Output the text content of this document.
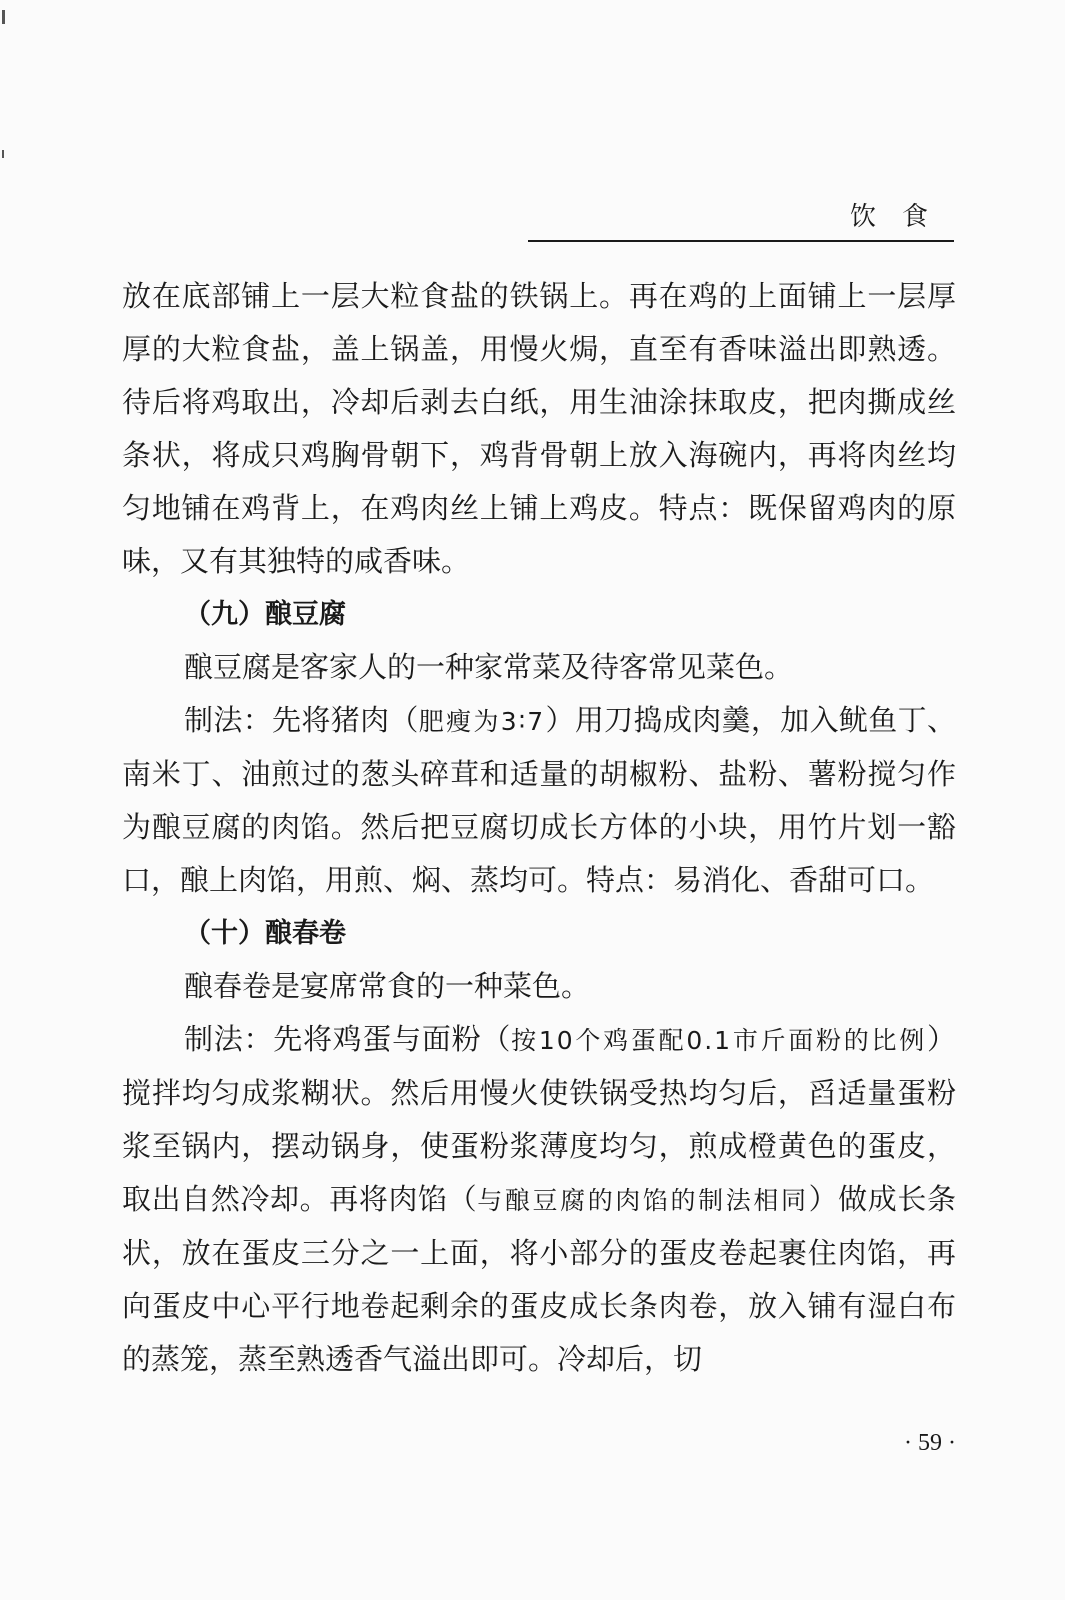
饮食

放在底部铺上一层大粒食盐的铁锅上。再在鸡的上面铺上一层厚厚的大粒食盐，盖上锅盖，用慢火焗，直至有香味溢出即熟透。待后将鸡取出，冷却后剥去白纸，用生油涂抹取皮，把肉撕成丝条状，将成只鸡胸骨朝下，鸡背骨朝上放入海碗内，再将肉丝均匀地铺在鸡背上，在鸡肉丝上铺上鸡皮。特点：既保留鸡肉的原味，又有其独特的咸香味。

（九）酿豆腐

酿豆腐是客家人的一种家常菜及待客常见菜色。

制法：先将猪肉（肥瘦为3∶7）用刀捣成肉羹，加入鱿鱼丁、南米丁、油煎过的葱头碎茸和适量的胡椒粉、盐粉、薯粉搅匀作为酿豆腐的肉馅。然后把豆腐切成长方体的小块，用竹片划一豁口，酿上肉馅，用煎、焖、蒸均可。特点：易消化、香甜可口。

（十）酿春卷

酿春卷是宴席常食的一种菜色。

制法：先将鸡蛋与面粉（按10个鸡蛋配0.1市斤面粉的比例）搅拌均匀成浆糊状。然后用慢火使铁锅受热均匀后，舀适量蛋粉浆至锅内，摆动锅身，使蛋粉浆薄度均匀，煎成橙黄色的蛋皮，取出自然冷却。再将肉馅（与酿豆腐的肉馅的制法相同）做成长条状，放在蛋皮三分之一上面，将小部分的蛋皮卷起裹住肉馅，再向蛋皮中心平行地卷起剩余的蛋皮成长条肉卷，放入铺有湿白布的蒸笼，蒸至熟透香气溢出即可。冷却后，切

· 59 ·
